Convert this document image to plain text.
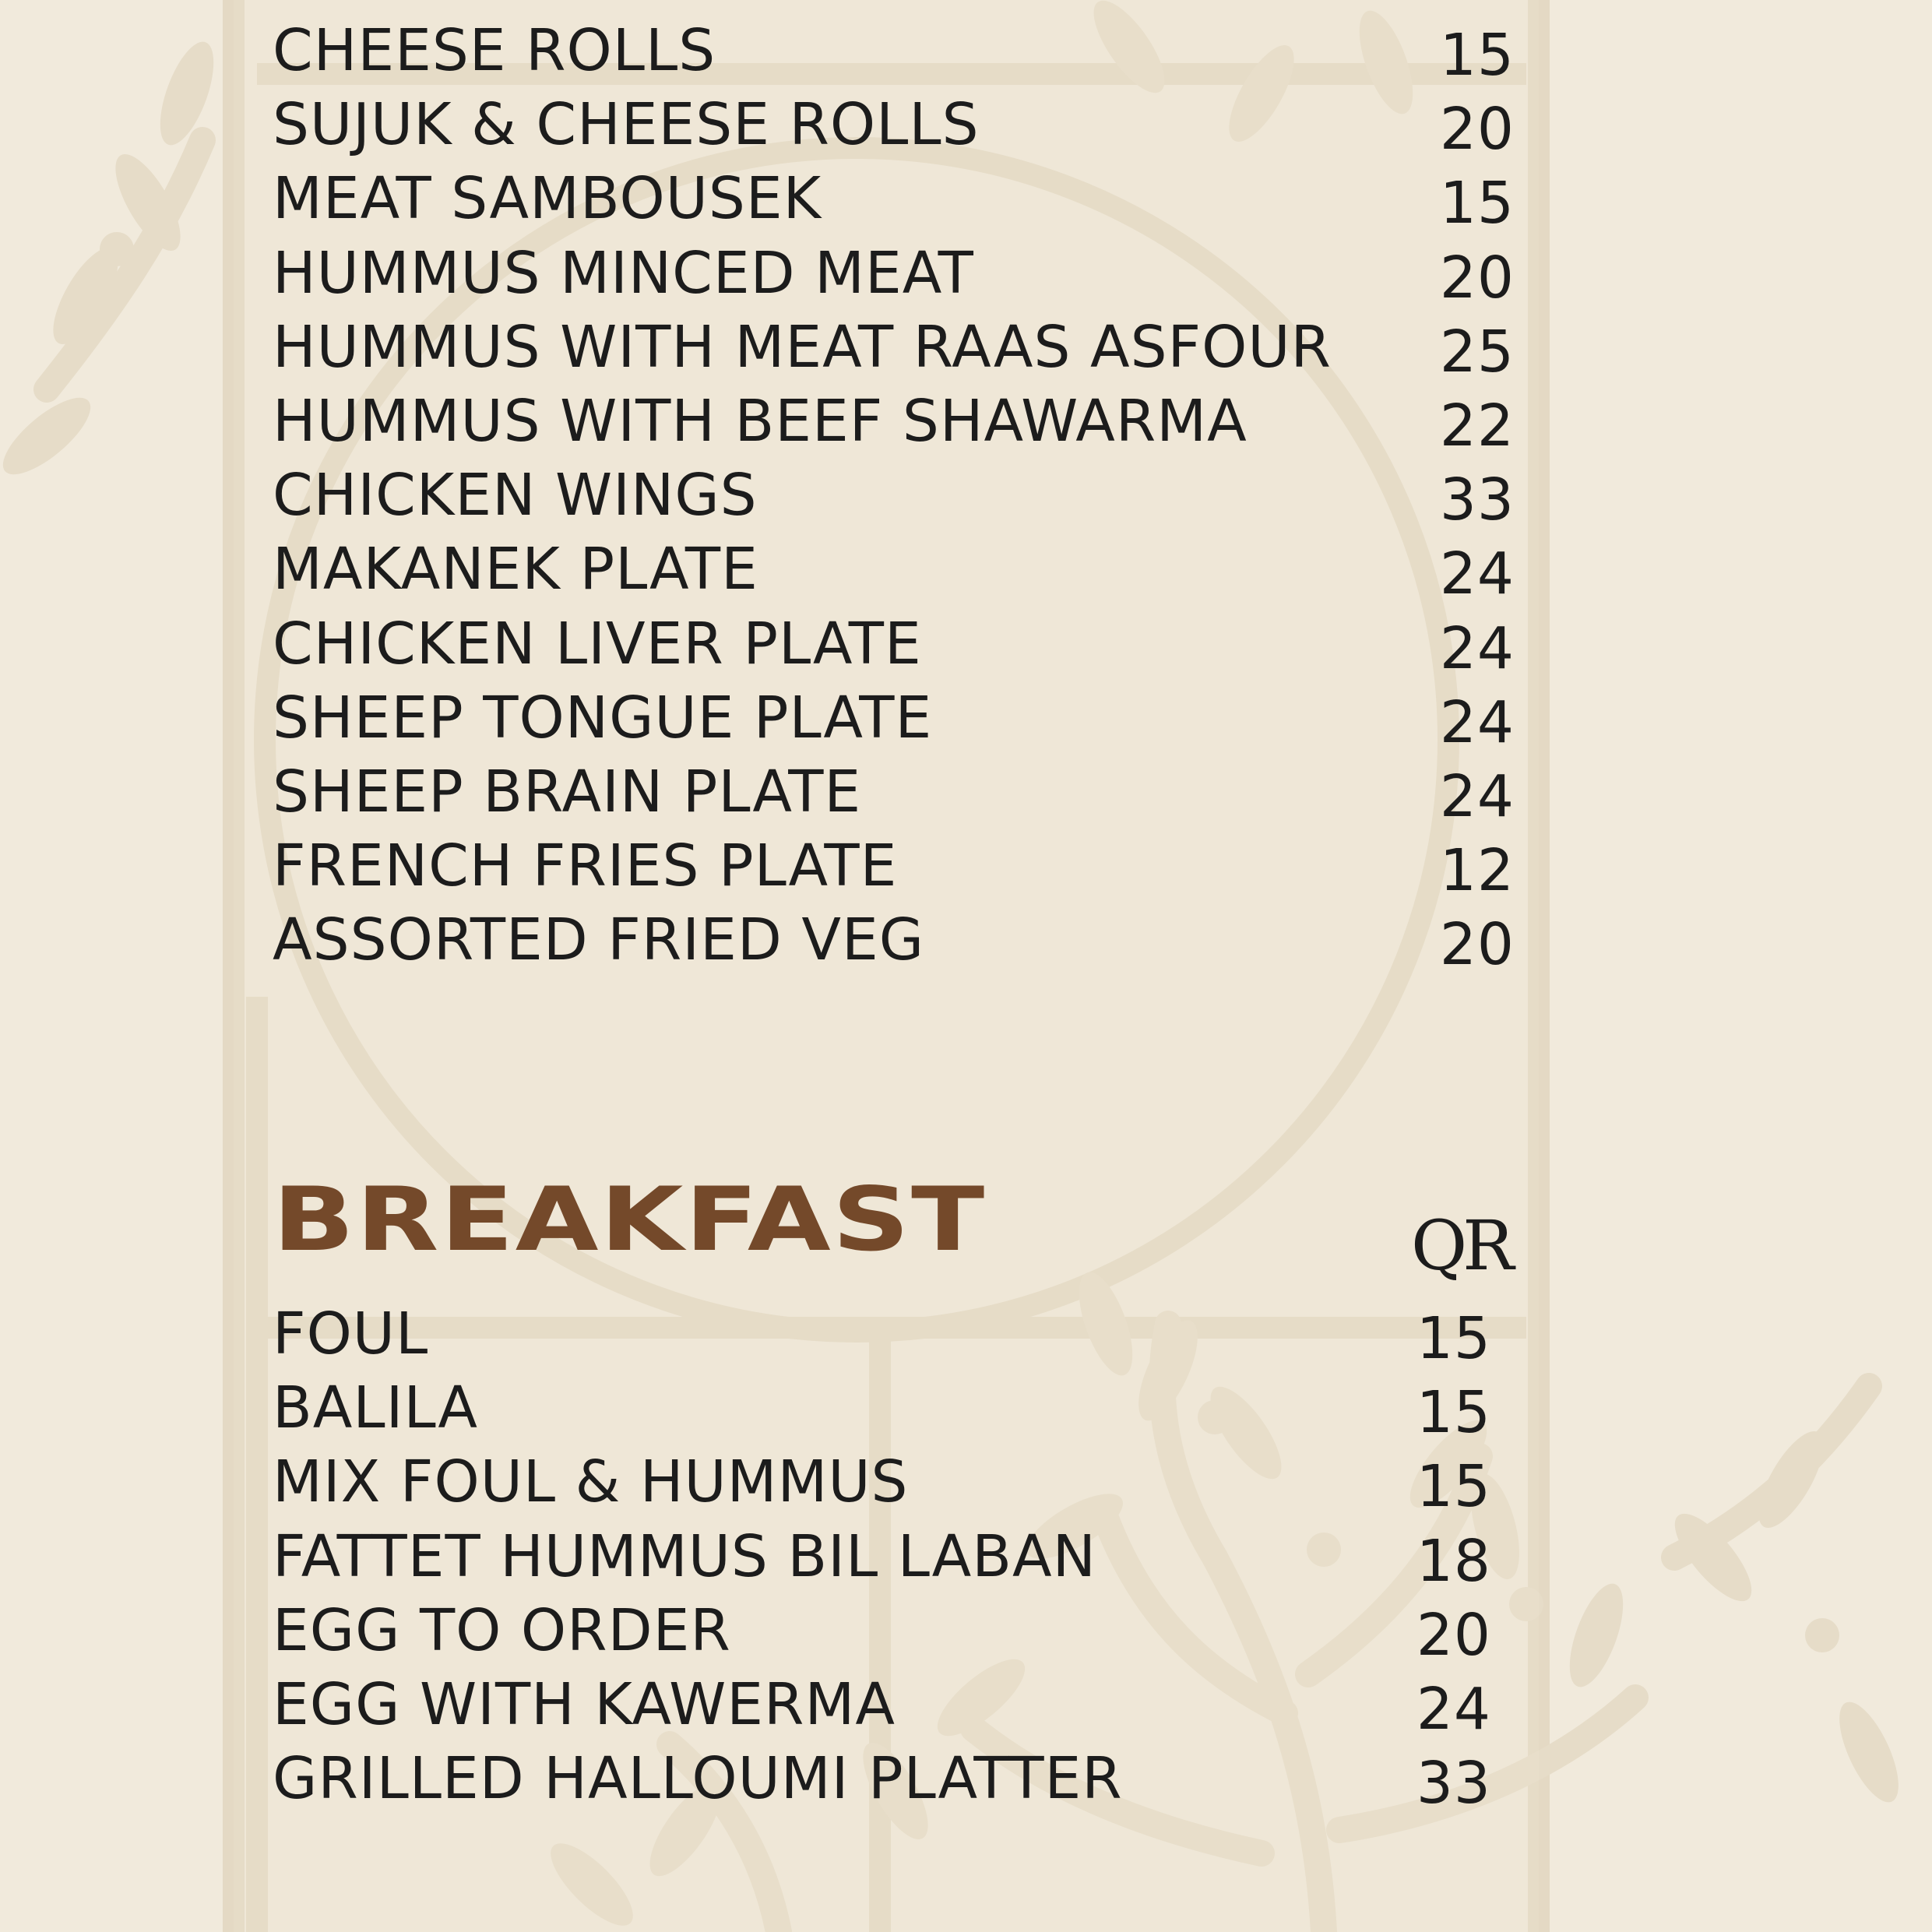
CHEESE ROLLS	15
SUJUK & CHEESE ROLLS	20
MEAT SAMBOUSEK	15
HUMMUS MINCED MEAT	20
HUMMUS WITH MEAT RAAS ASFOUR	25
HUMMUS WITH BEEF SHAWARMA	22
CHICKEN WINGS	33
MAKANEK PLATE	24
CHICKEN LIVER PLATE	24
SHEEP TONGUE PLATE	24
SHEEP BRAIN PLATE	24
FRENCH FRIES PLATE	12
ASSORTED FRIED VEG	20
BREAKFAST	QR
FOUL	15
BALILA	15
MIX FOUL & HUMMUS	15
FATTET HUMMUS BIL LABAN	18
EGG TO ORDER	20
EGG WITH KAWERMA	24
GRILLED HALLOUMI PLATTER	33
